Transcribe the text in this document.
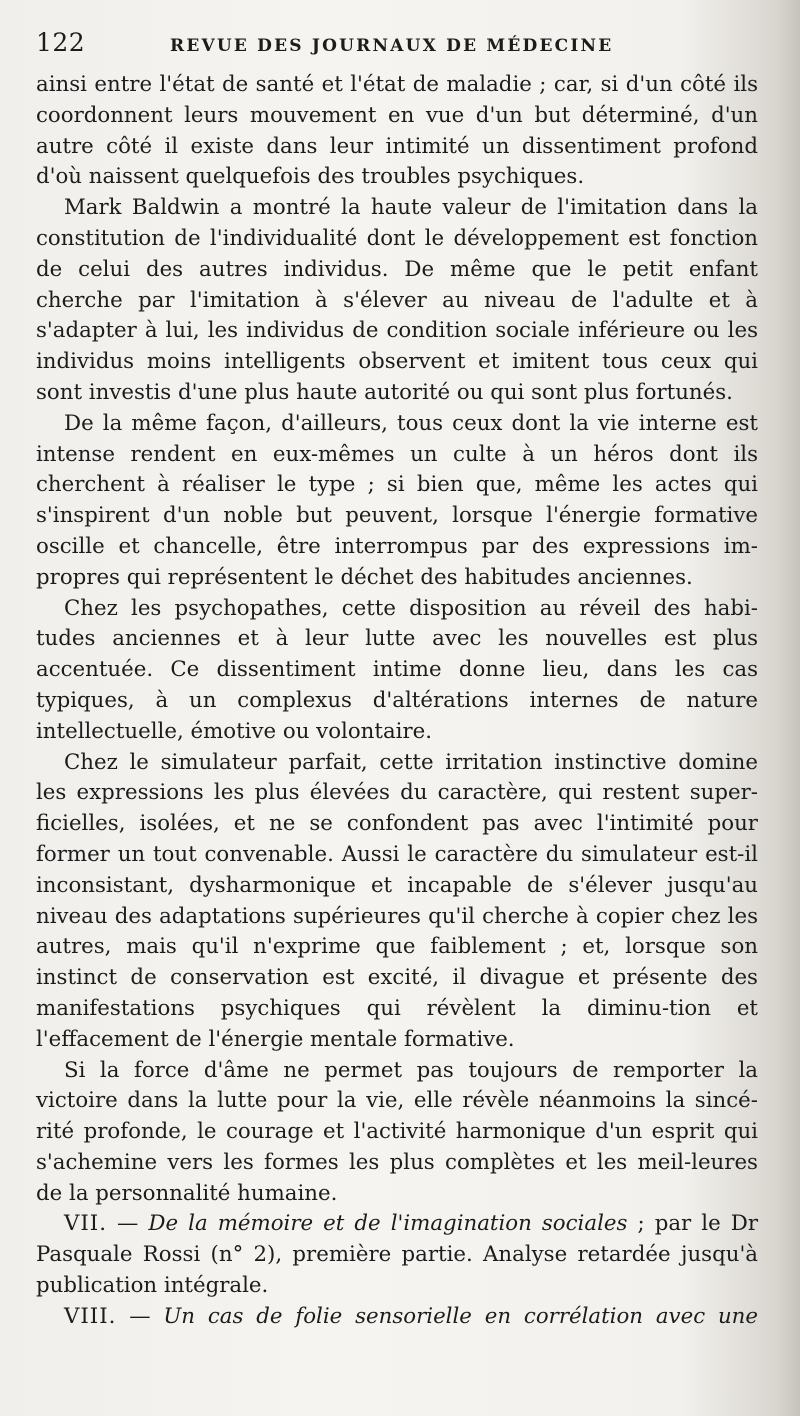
122	REVUE DES JOURNAUX DE MÉDECINE

ainsi entre l'état de santé et l'état de maladie ; car, si d'un côté ils coordonnent leurs mouvement en vue d'un but déterminé, d'un autre côté il existe dans leur intimité un dissentiment profond d'où naissent quelquefois des troubles psychiques.

Mark Baldwin a montré la haute valeur de l'imitation dans la constitution de l'individualité dont le développement est fonction de celui des autres individus. De même que le petit enfant cherche par l'imitation à s'élever au niveau de l'adulte et à s'adapter à lui, les individus de condition sociale inférieure ou les individus moins intelligents observent et imitent tous ceux qui sont investis d'une plus haute autorité ou qui sont plus fortunés.

De la même façon, d'ailleurs, tous ceux dont la vie interne est intense rendent en eux-mêmes un culte à un héros dont ils cherchent à réaliser le type ; si bien que, même les actes qui s'inspirent d'un noble but peuvent, lorsque l'énergie formative oscille et chancelle, être interrompus par des expressions im-propres qui représentent le déchet des habitudes anciennes.

Chez les psychopathes, cette disposition au réveil des habi-tudes anciennes et à leur lutte avec les nouvelles est plus accentuée. Ce dissentiment intime donne lieu, dans les cas typiques, à un complexus d'altérations internes de nature intellectuelle, émotive ou volontaire.

Chez le simulateur parfait, cette irritation instinctive domine les expressions les plus élevées du caractère, qui restent super-ficielles, isolées, et ne se confondent pas avec l'intimité pour former un tout convenable. Aussi le caractère du simulateur est-il inconsistant, dysharmonique et incapable de s'élever jusqu'au niveau des adaptations supérieures qu'il cherche à copier chez les autres, mais qu'il n'exprime que faiblement ; et, lorsque son instinct de conservation est excité, il divague et présente des manifestations psychiques qui révèlent la diminu-tion et l'effacement de l'énergie mentale formative.

Si la force d'âme ne permet pas toujours de remporter la victoire dans la lutte pour la vie, elle révèle néanmoins la sincé-rité profonde, le courage et l'activité harmonique d'un esprit qui s'achemine vers les formes les plus complètes et les meil-leures de la personnalité humaine.

VII. — De la mémoire et de l'imagination sociales ; par le Dr Pasquale Rossi (n° 2), première partie. Analyse retardée jusqu'à publication intégrale.

VIII. — Un cas de folie sensorielle en corrélation avec une
